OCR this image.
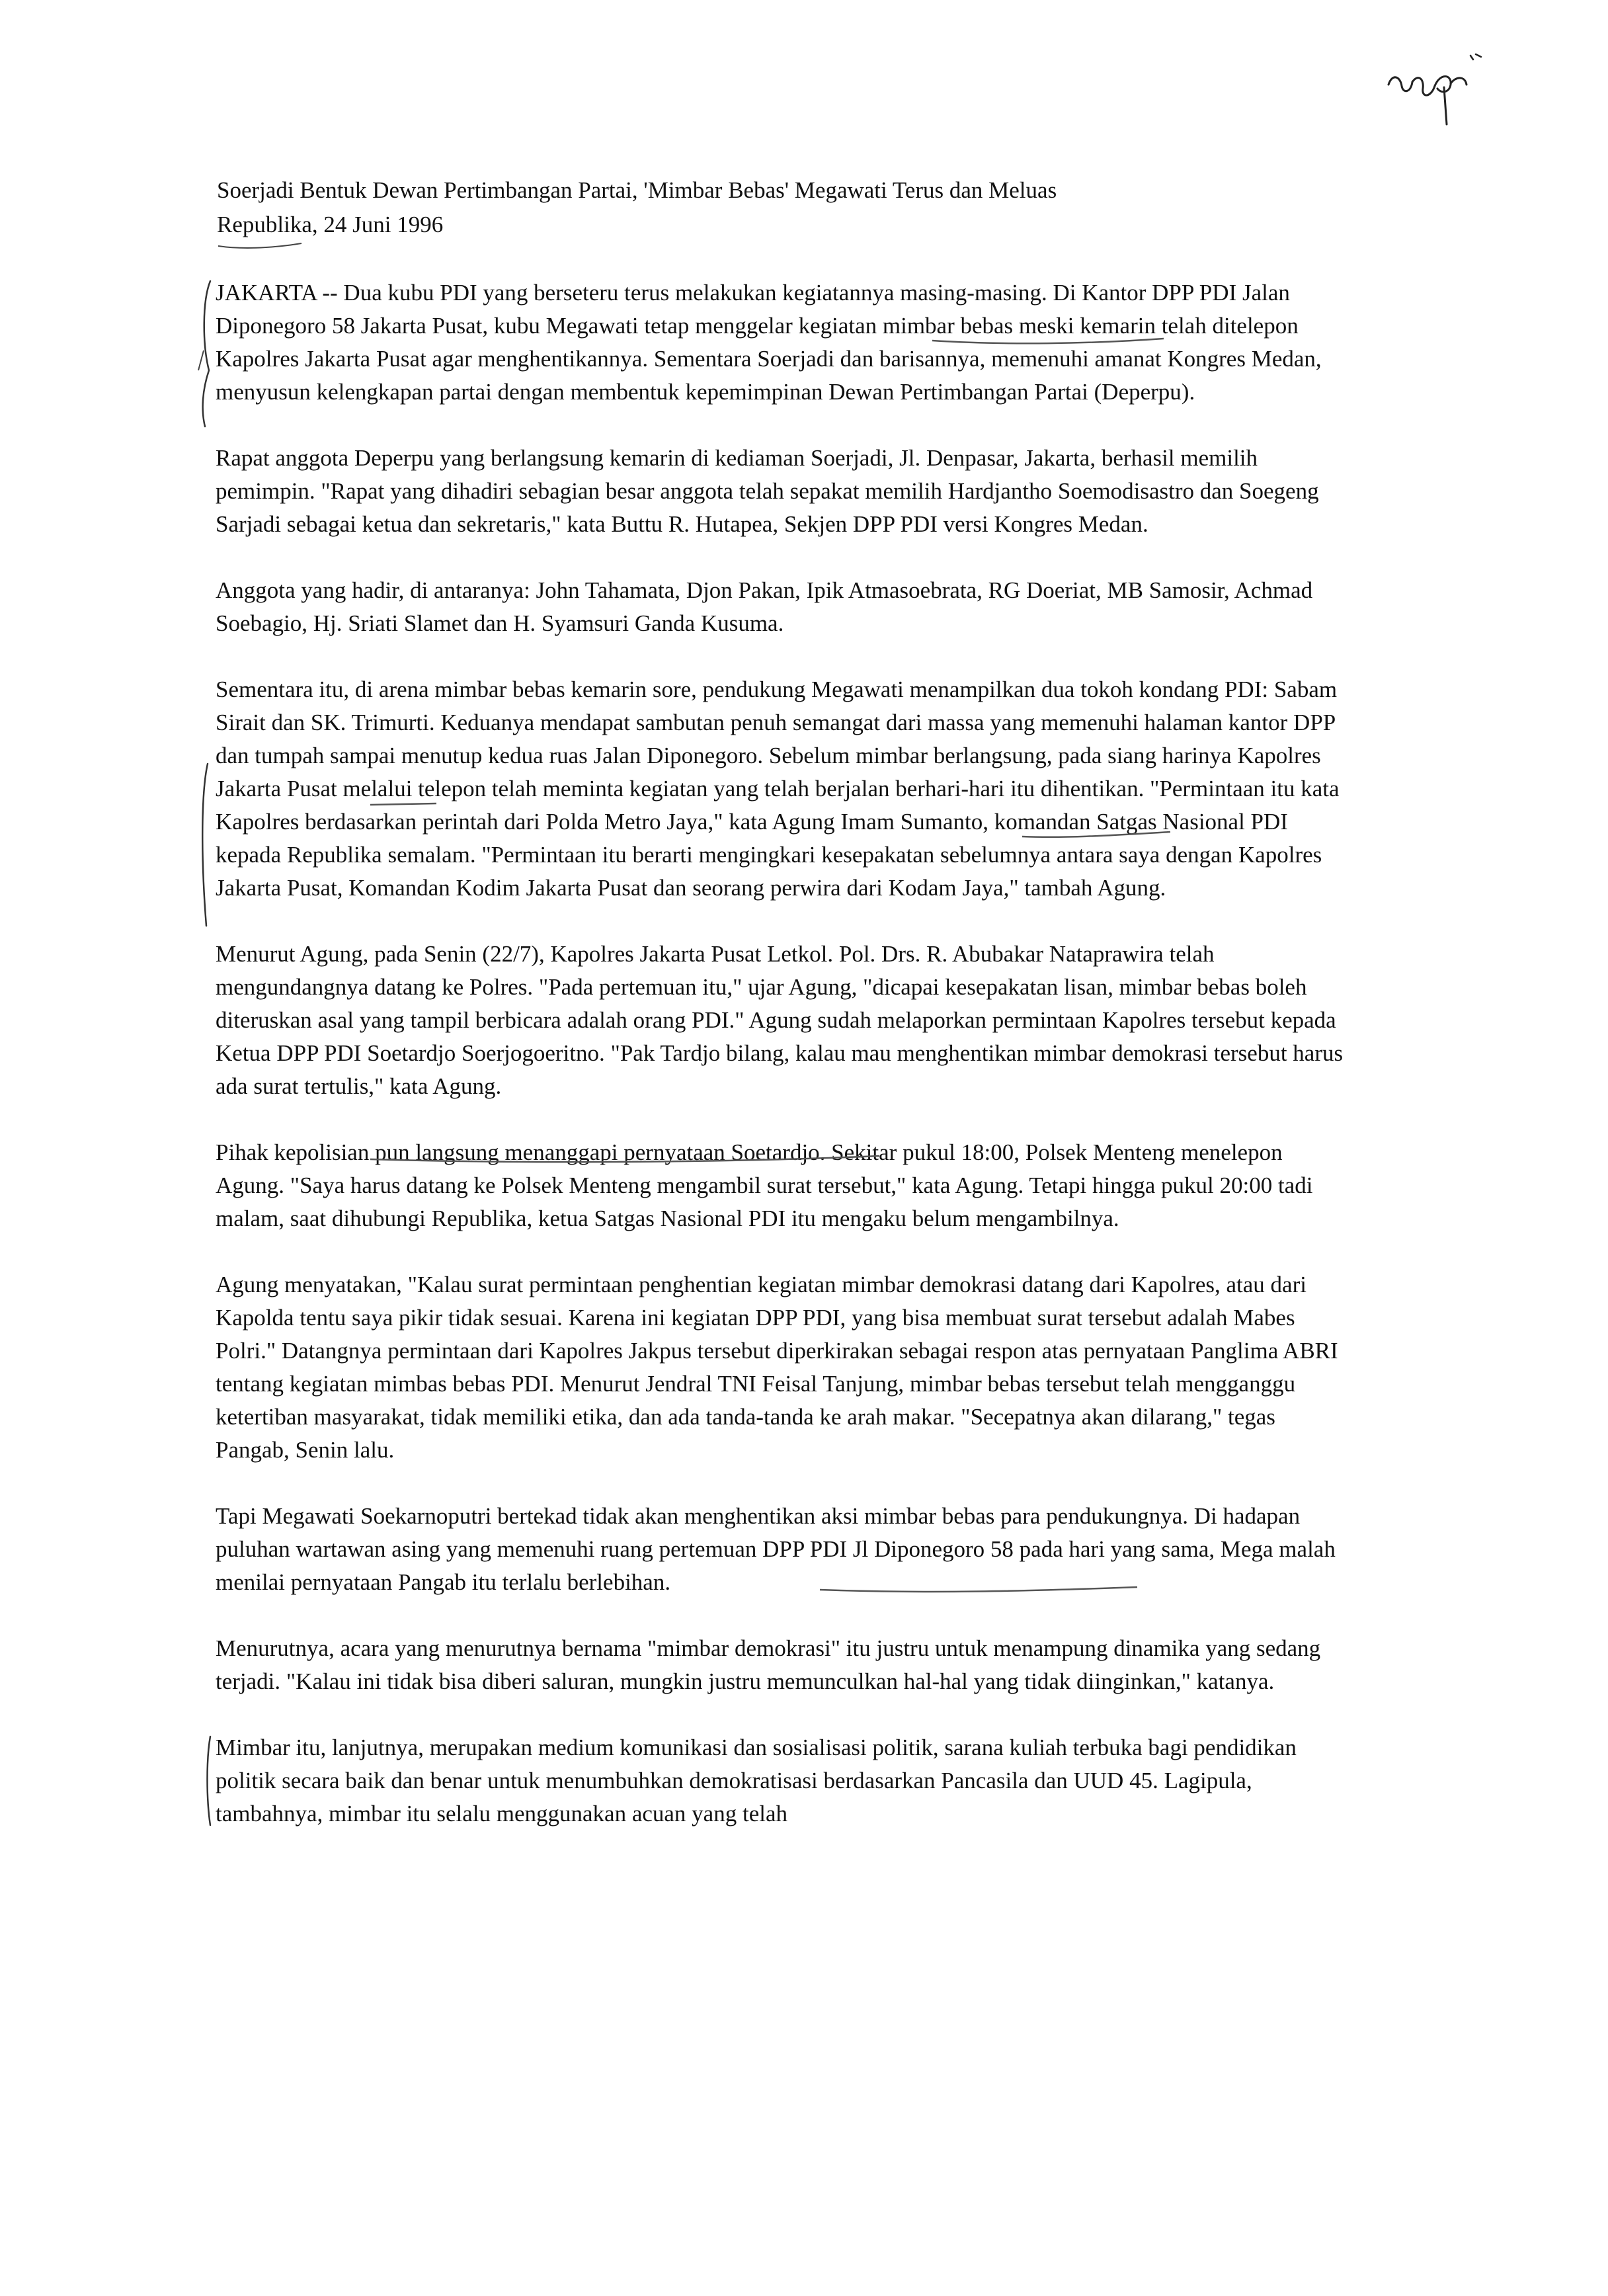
Soerjadi Bentuk Dewan Pertimbangan Partai, 'Mimbar Bebas' Megawati Terus dan Meluas
Republika, 24 Juni 1996

JAKARTA -- Dua kubu PDI yang berseteru terus melakukan kegiatannya masing-masing. Di Kantor DPP PDI Jalan Diponegoro 58 Jakarta Pusat, kubu Megawati tetap menggelar kegiatan mimbar bebas meski kemarin telah ditelepon Kapolres Jakarta Pusat agar menghentikannya. Sementara Soerjadi dan barisannya, memenuhi amanat Kongres Medan, menyusun kelengkapan partai dengan membentuk kepemimpinan Dewan Pertimbangan Partai (Deperpu).

Rapat anggota Deperpu yang berlangsung kemarin di kediaman Soerjadi, Jl. Denpasar, Jakarta, berhasil memilih pemimpin. "Rapat yang dihadiri sebagian besar anggota telah sepakat memilih Hardjantho Soemodisastro dan Soegeng Sarjadi sebagai ketua dan sekretaris," kata Buttu R. Hutapea, Sekjen DPP PDI versi Kongres Medan.

Anggota yang hadir, di antaranya: John Tahamata, Djon Pakan, Ipik Atmasoebrata, RG Doeriat, MB Samosir, Achmad Soebagio, Hj. Sriati Slamet dan H. Syamsuri Ganda Kusuma.

Sementara itu, di arena mimbar bebas kemarin sore, pendukung Megawati menampilkan dua tokoh kondang PDI: Sabam Sirait dan SK. Trimurti. Keduanya mendapat sambutan penuh semangat dari massa yang memenuhi halaman kantor DPP dan tumpah sampai menutup kedua ruas Jalan Diponegoro. Sebelum mimbar berlangsung, pada siang harinya Kapolres Jakarta Pusat melalui telepon telah meminta kegiatan yang telah berjalan berhari-hari itu dihentikan. "Permintaan itu kata Kapolres berdasarkan perintah dari Polda Metro Jaya," kata Agung Imam Sumanto, komandan Satgas Nasional PDI kepada Republika semalam. "Permintaan itu berarti mengingkari kesepakatan sebelumnya antara saya dengan Kapolres Jakarta Pusat, Komandan Kodim Jakarta Pusat dan seorang perwira dari Kodam Jaya," tambah Agung.

Menurut Agung, pada Senin (22/7), Kapolres Jakarta Pusat Letkol. Pol. Drs. R. Abubakar Nataprawira telah mengundangnya datang ke Polres. "Pada pertemuan itu," ujar Agung, "dicapai kesepakatan lisan, mimbar bebas boleh diteruskan asal yang tampil berbicara adalah orang PDI." Agung sudah melaporkan permintaan Kapolres tersebut kepada Ketua DPP PDI Soetardjo Soerjogoeritno. "Pak Tardjo bilang, kalau mau menghentikan mimbar demokrasi tersebut harus ada surat tertulis," kata Agung.

Pihak kepolisian pun langsung menanggapi pernyataan Soetardjo. Sekitar pukul 18:00, Polsek Menteng menelepon Agung. "Saya harus datang ke Polsek Menteng mengambil surat tersebut," kata Agung. Tetapi hingga pukul 20:00 tadi malam, saat dihubungi Republika, ketua Satgas Nasional PDI itu mengaku belum mengambilnya.

Agung menyatakan, "Kalau surat permintaan penghentian kegiatan mimbar demokrasi datang dari Kapolres, atau dari Kapolda tentu saya pikir tidak sesuai. Karena ini kegiatan DPP PDI, yang bisa membuat surat tersebut adalah Mabes Polri." Datangnya permintaan dari Kapolres Jakpus tersebut diperkirakan sebagai respon atas pernyataan Panglima ABRI tentang kegiatan mimbas bebas PDI. Menurut Jendral TNI Feisal Tanjung, mimbar bebas tersebut telah mengganggu ketertiban masyarakat, tidak memiliki etika, dan ada tanda-tanda ke arah makar. "Secepatnya akan dilarang," tegas Pangab, Senin lalu.

Tapi Megawati Soekarnoputri bertekad tidak akan menghentikan aksi mimbar bebas para pendukungnya. Di hadapan puluhan wartawan asing yang memenuhi ruang pertemuan DPP PDI Jl Diponegoro 58 pada hari yang sama, Mega malah menilai pernyataan Pangab itu terlalu berlebihan.

Menurutnya, acara yang menurutnya bernama "mimbar demokrasi" itu justru untuk menampung dinamika yang sedang terjadi. "Kalau ini tidak bisa diberi saluran, mungkin justru memunculkan hal-hal yang tidak diinginkan," katanya.

Mimbar itu, lanjutnya, merupakan medium komunikasi dan sosialisasi politik, sarana kuliah terbuka bagi pendidikan politik secara baik dan benar untuk menumbuhkan demokratisasi berdasarkan Pancasila dan UUD 45. Lagipula, tambahnya, mimbar itu selalu menggunakan acuan yang telah
